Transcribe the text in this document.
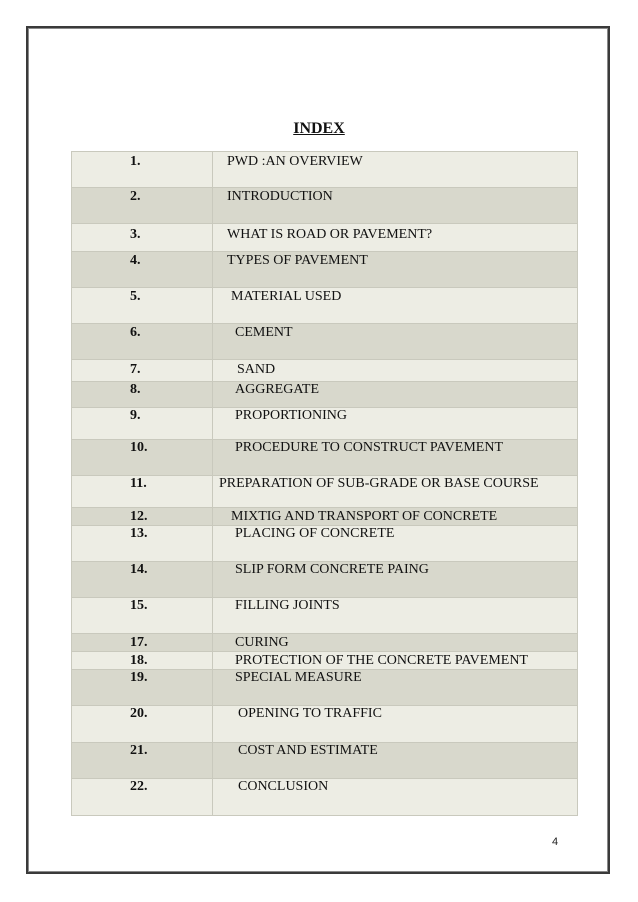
INDEX
1.	PWD :AN OVERVIEW

2.	INTRODUCTION

3.	WHAT IS ROAD OR PAVEMENT?

4.	TYPES OF PAVEMENT

5.	MATERIAL USED

6.	CEMENT

7.	SAND

8.	AGGREGATE

9.	PROPORTIONING

10.	PROCEDURE TO CONSTRUCT PAVEMENT

11.	PREPARATION OF SUB-GRADE OR BASE COURSE

12.	MIXTIG AND TRANSPORT OF CONCRETE

13.	PLACING OF CONCRETE

14.	SLIP FORM CONCRETE PAING

15.	FILLING JOINTS

17.	CURING

18.	PROTECTION OF THE CONCRETE PAVEMENT

19.	SPECIAL MEASURE

20.	OPENING TO TRAFFIC

21.	COST AND ESTIMATE

22.	CONCLUSION
4
